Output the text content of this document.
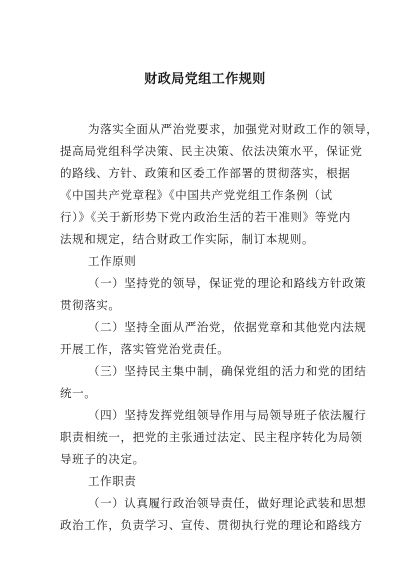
财政局党组工作规则
为落实全面从严治党要求，加强党对财政工作的领导，
提高局党组科学决策、民主决策、依法决策水平，保证党
的路线、方针、政策和区委工作部署的贯彻落实，根据
《中国共产党章程》《中国共产党党组工作条例（试
行）》《关于新形势下党内政治生活的若干准则》等党内
法规和规定，结合财政工作实际，制订本规则。
工作原则
（一）坚持党的领导，保证党的理论和路线方针政策
贯彻落实。
（二）坚持全面从严治党，依据党章和其他党内法规
开展工作，落实管党治党责任。
（三）坚持民主集中制，确保党组的活力和党的团结
统一。
（四）坚持发挥党组领导作用与局领导班子依法履行
职责相统一，把党的主张通过法定、民主程序转化为局领
导班子的决定。
工作职责
（一）认真履行政治领导责任，做好理论武装和思想
政治工作，负责学习、宣传、贯彻执行党的理论和路线方
